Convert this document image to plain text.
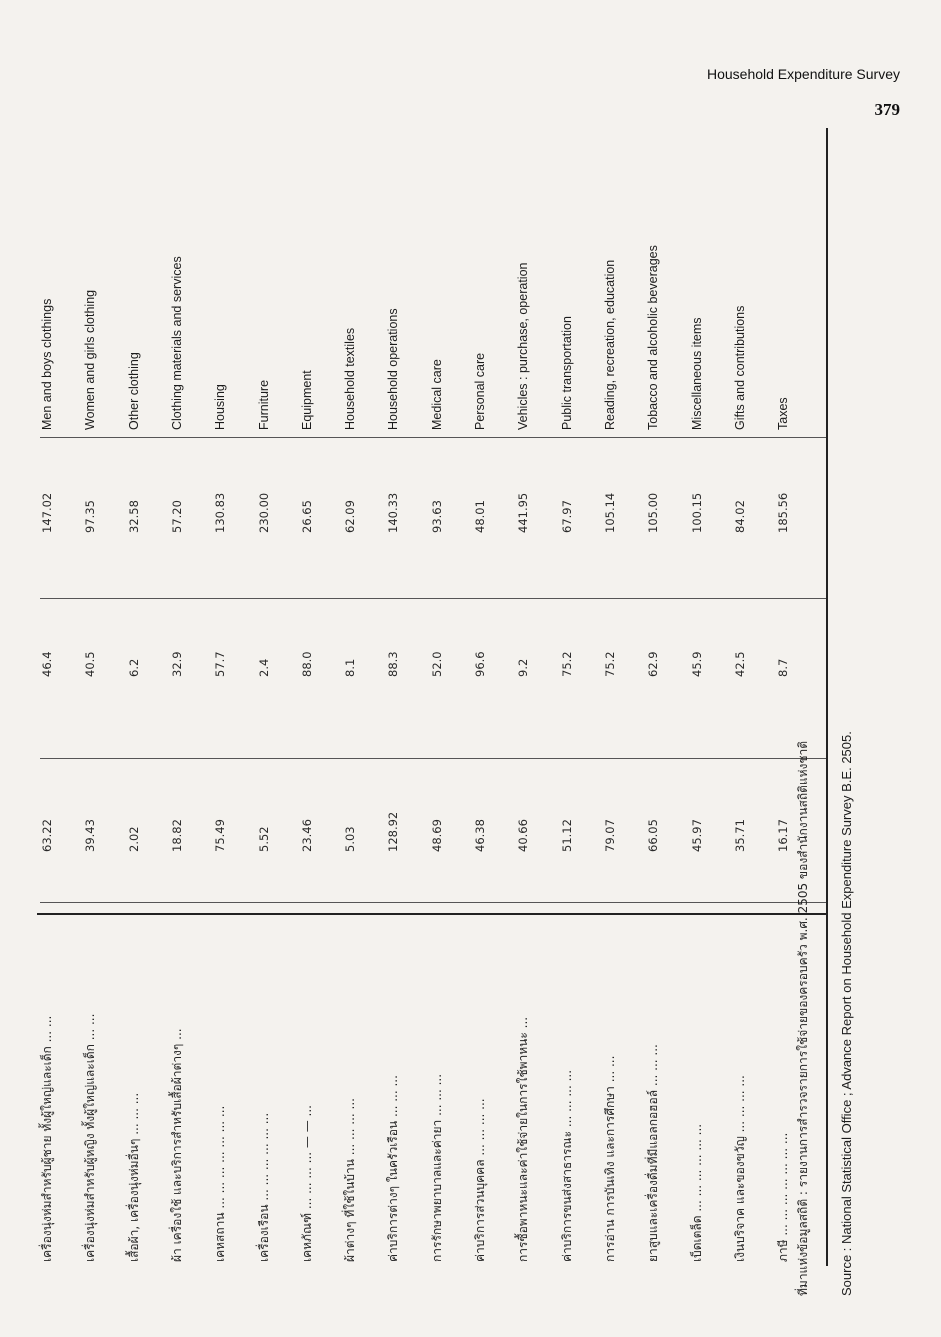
Household Expenditure Survey
379
เครื่องนุ่งห่มสำหรับผู้ชาย ทั้งผู้ใหญ่และเด็ก ... ...
63.22
46.4
147.02
Men and boys clothings
เครื่องนุ่งห่มสำหรับผู้หญิง ทั้งผู้ใหญ่และเด็ก ... ...
39.43
40.5
97.35
Women and girls clothing
เสื้อผ้า, เครื่องนุ่งห่มอื่นๆ ... ... ...
2.02
6.2
32.58
Other clothing
ผ้า เครื่องใช้ และบริการสำหรับเสื้อผ้าต่างๆ ...
18.82
32.9
57.20
Clothing materials and services
เคหสถาน ... ... ... ... ... ... ...
75.49
57.7
130.83
Housing
เครื่องเรือน ... ... ... ... ... ...
5.52
2.4
230.00
Furniture
เคหภัณฑ์ ... ... ... ... — — ...
23.46
88.0
26.65
Equipment
ผ้าต่างๆ ที่ใช้ในบ้าน ... ... ... ...
5.03
8.1
62.09
Household textiles
ค่าบริการต่างๆ ในครัวเรือน ... ... ...
128.92
88.3
140.33
Household operations
การรักษาพยาบาลและค่ายา ... ... ...
48.69
52.0
93.63
Medical care
ค่าบริการส่วนบุคคล ... ... ... ...
46.38
96.6
48.01
Personal care
การซื้อพาหนะและค่าใช้จ่ายในการใช้พาหนะ ...
40.66
9.2
441.95
Vehicles : purchase, operation
ค่าบริการขนส่งสาธารณะ ... ... ... ...
51.12
75.2
67.97
Public transportation
การอ่าน การบันเทิง และการศึกษา ... ...
79.07
75.2
105.14
Reading, recreation, education
ยาสูบและเครื่องดื่มที่มีแอลกอฮอล์ ... ... ...
66.05
62.9
105.00
Tobacco and alcoholic beverages
เบ็ดเตล็ด ... ... ... ... ... ...
45.97
45.9
100.15
Miscellaneous items
เงินบริจาค และของขวัญ ... ... ... ...
35.71
42.5
84.02
Gifts and contributions
ภาษี ... ... ... ... ... ... ...
16.17
8.7
185.56
Taxes
ที่มาแห่งข้อมูลสถิติ : รายงานการสำรวจรายการใช้จ่ายของครอบครัว พ.ศ. 2505 ของสำนักงานสถิติแห่งชาติ Source : National Statistical Office ; Advance Report on Household Expenditure Survey B.E. 2505.
